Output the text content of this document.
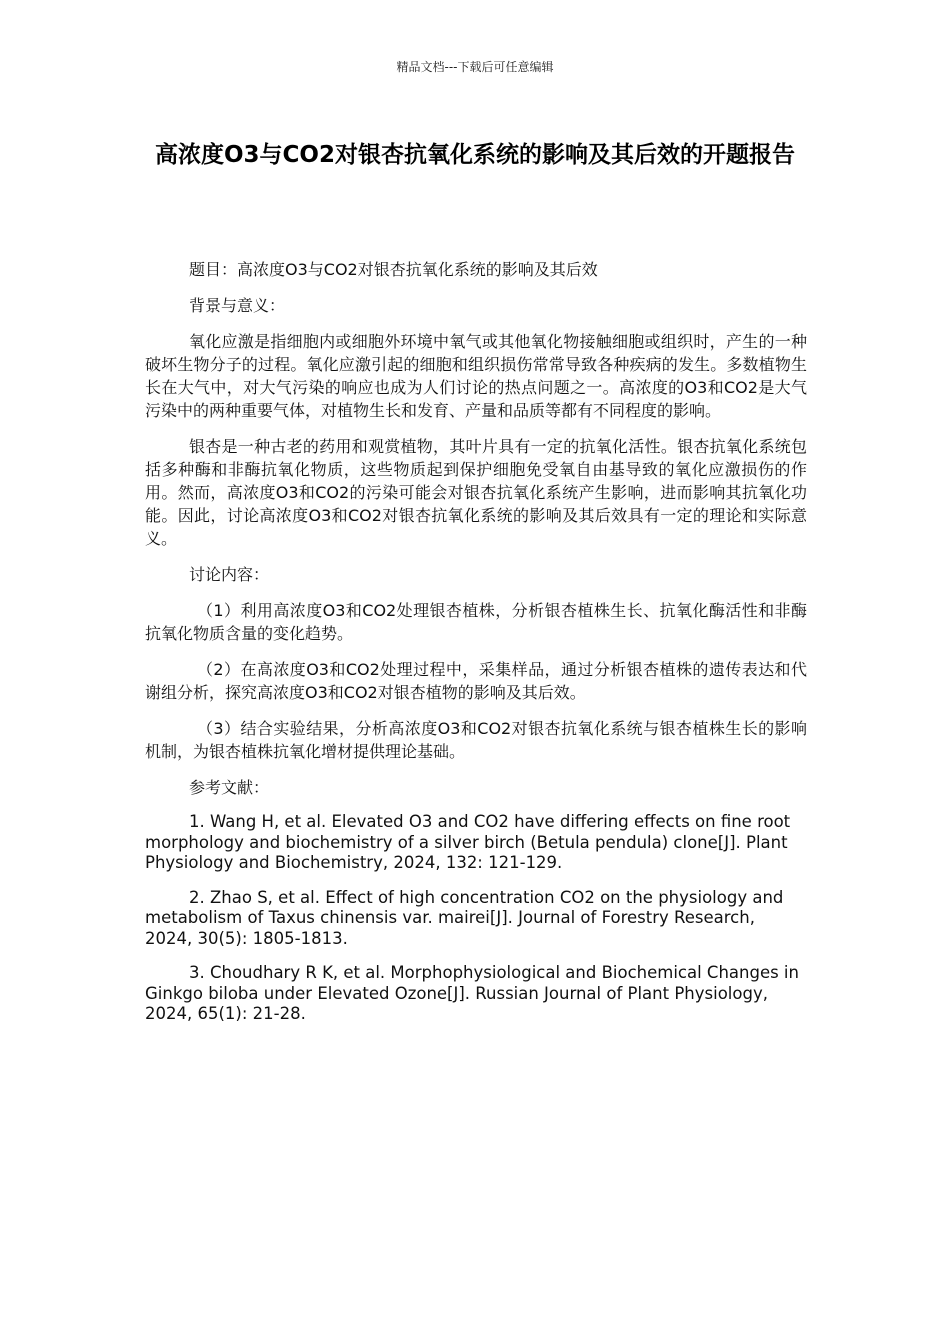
精品文档---下载后可任意编辑
高浓度O3与CO2对银杏抗氧化系统的影响及其后效的开题报告

题目：高浓度O3与CO2对银杏抗氧化系统的影响及其后效

背景与意义：

氧化应激是指细胞内或细胞外环境中氧气或其他氧化物接触细胞或组织时，产生的一种破坏生物分子的过程。氧化应激引起的细胞和组织损伤常常导致各种疾病的发生。多数植物生长在大气中，对大气污染的响应也成为人们讨论的热点问题之一。高浓度的O3和CO2是大气污染中的两种重要气体，对植物生长和发育、产量和品质等都有不同程度的影响。

银杏是一种古老的药用和观赏植物，其叶片具有一定的抗氧化活性。银杏抗氧化系统包括多种酶和非酶抗氧化物质，这些物质起到保护细胞免受氧自由基导致的氧化应激损伤的作用。然而，高浓度O3和CO2的污染可能会对银杏抗氧化系统产生影响，进而影响其抗氧化功能。因此，讨论高浓度O3和CO2对银杏抗氧化系统的影响及其后效具有一定的理论和实际意义。

讨论内容：

（1）利用高浓度O3和CO2处理银杏植株，分析银杏植株生长、抗氧化酶活性和非酶抗氧化物质含量的变化趋势。

（2）在高浓度O3和CO2处理过程中，采集样品，通过分析银杏植株的遗传表达和代谢组分析，探究高浓度O3和CO2对银杏植物的影响及其后效。

（3）结合实验结果，分析高浓度O3和CO2对银杏抗氧化系统与银杏植株生长的影响机制，为银杏植株抗氧化增材提供理论基础。

参考文献：

1. Wang H, et al. Elevated O3 and CO2 have differing effects on fine root morphology and biochemistry of a silver birch (Betula pendula) clone[J]. Plant Physiology and Biochemistry, 2024, 132: 121-129.

2. Zhao S, et al. Effect of high concentration CO2 on the physiology and metabolism of Taxus chinensis var. mairei[J]. Journal of Forestry Research, 2024, 30(5): 1805-1813.

3. Choudhary R K, et al. Morphophysiological and Biochemical Changes in Ginkgo biloba under Elevated Ozone[J]. Russian Journal of Plant Physiology, 2024, 65(1): 21-28.
